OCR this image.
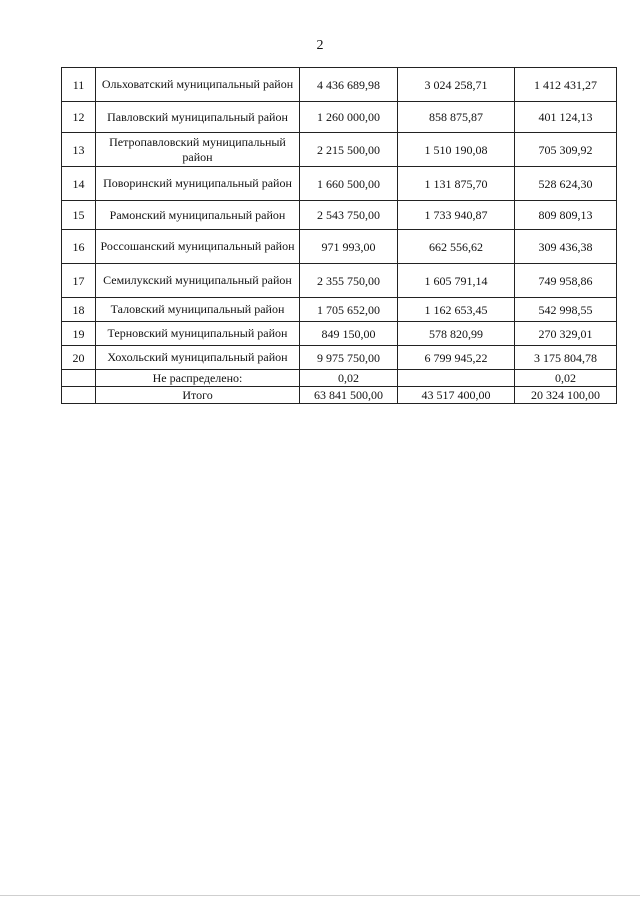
2
11	Ольховатский муниципальный район	4 436 689,98	3 024 258,71	1 412 431,27
12	Павловский муниципальный район	1 260 000,00	858 875,87	401 124,13
13	Петропавловский муниципальный район	2 215 500,00	1 510 190,08	705 309,92
14	Поворинский муниципальный район	1 660 500,00	1 131 875,70	528 624,30
15	Рамонский муниципальный район	2 543 750,00	1 733 940,87	809 809,13
16	Россошанский муниципальный район	971 993,00	662 556,62	309 436,38
17	Семилукский муниципальный район	2 355 750,00	1 605 791,14	749 958,86
18	Таловский муниципальный район	1 705 652,00	1 162 653,45	542 998,55
19	Терновский муниципальный район	849 150,00	578 820,99	270 329,01
20	Хохольский муниципальный район	9 975 750,00	6 799 945,22	3 175 804,78
	Не распределено:	0,02		0,02
	Итого	63 841 500,00	43 517 400,00	20 324 100,00
